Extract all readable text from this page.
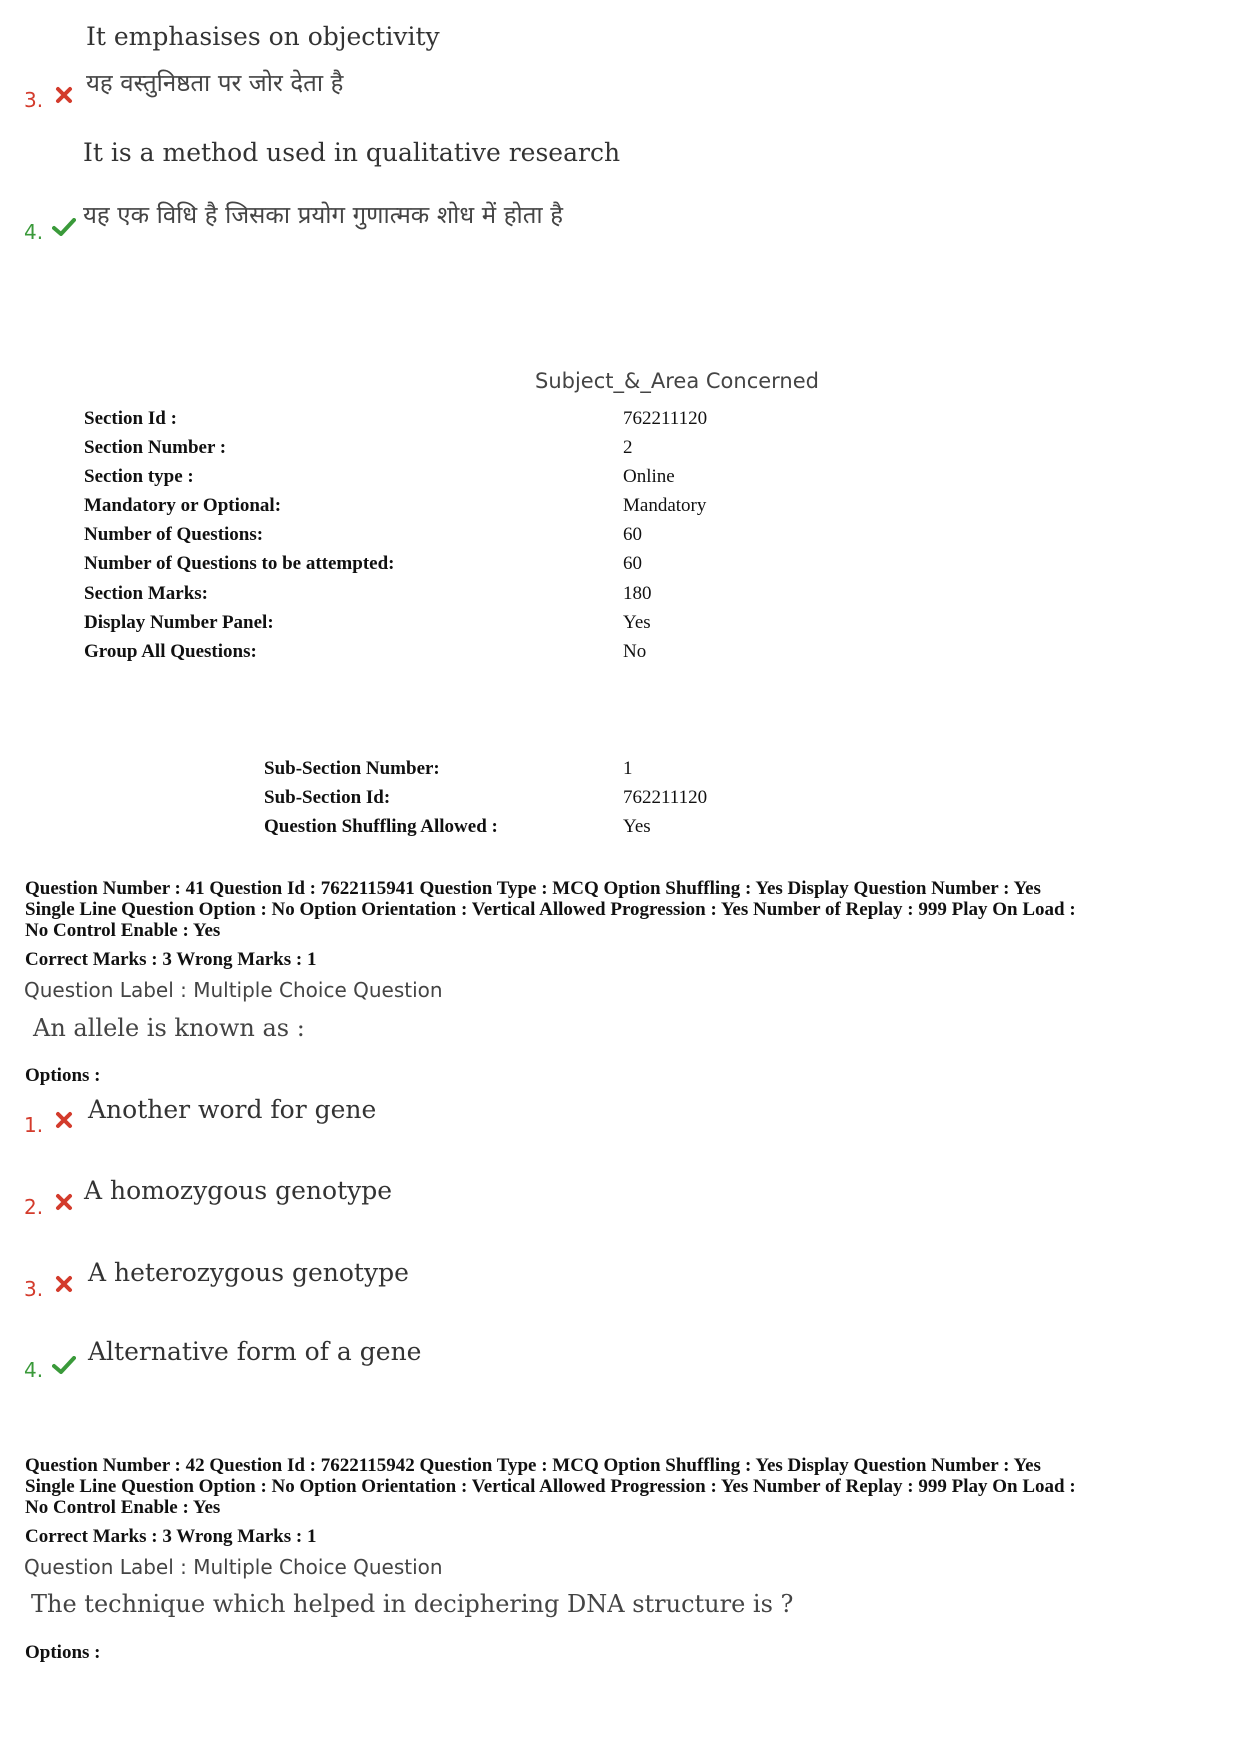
It emphasises on objectivity
3.
यह वस्तुनिष्ठता पर जोर देता है
It is a method used in qualitative research
4.
यह एक विधि है जिसका प्रयोग गुणात्मक शोध में होता है
Subject_&_Area Concerned
Section Id :	762211120
Section Number :	2
Section type :	Online
Mandatory or Optional:	Mandatory
Number of Questions:	60
Number of Questions to be attempted:	60
Section Marks:	180
Display Number Panel:	Yes
Group All Questions:	No
Sub-Section Number:	1
Sub-Section Id:	762211120
Question Shuffling Allowed :	Yes
Question Number : 41 Question Id : 7622115941 Question Type : MCQ Option Shuffling : Yes Display Question Number : Yes
Single Line Question Option : No Option Orientation : Vertical Allowed Progression : Yes Number of Replay : 999 Play On Load :
No Control Enable : Yes
Correct Marks : 3 Wrong Marks : 1
Question Label : Multiple Choice Question
An allele is known as :
Options :
1.
Another word for gene
2.
A homozygous genotype
3.
A heterozygous genotype
4.
Alternative form of a gene
Question Number : 42 Question Id : 7622115942 Question Type : MCQ Option Shuffling : Yes Display Question Number : Yes
Single Line Question Option : No Option Orientation : Vertical Allowed Progression : Yes Number of Replay : 999 Play On Load :
No Control Enable : Yes
Correct Marks : 3 Wrong Marks : 1
Question Label : Multiple Choice Question
The technique which helped in deciphering DNA structure is ?
Options :
